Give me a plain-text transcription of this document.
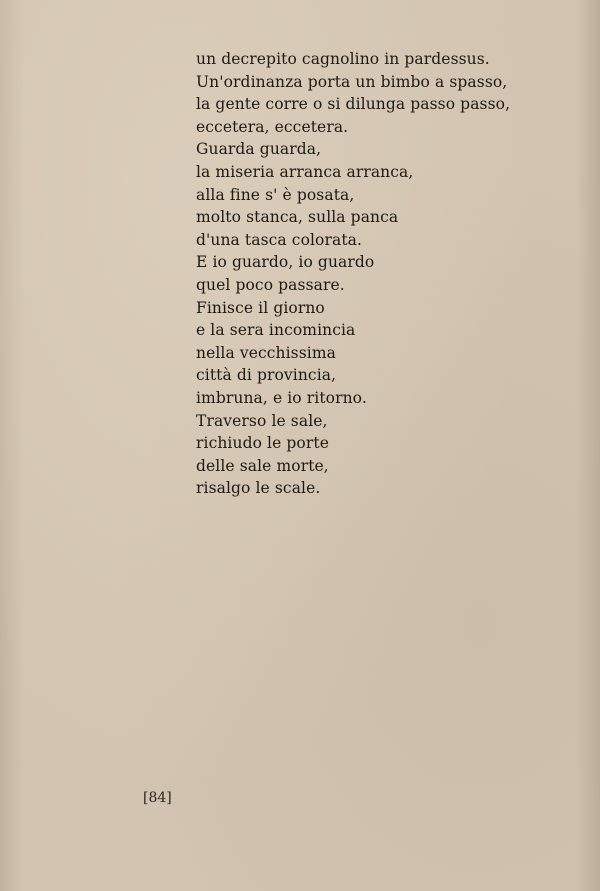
un decrepito cagnolino in pardessus.
Un'ordinanza porta un bimbo a spasso,
la gente corre o si dilunga passo passo,
eccetera, eccetera.
Guarda guarda,
la miseria arranca arranca,
alla fine s' è posata,
molto stanca, sulla panca
d'una tasca colorata.
E io guardo, io guardo
quel poco passare.
Finisce il giorno
e la sera incomincia
nella vecchissima
città di provincia,
imbruna, e io ritorno.
Traverso le sale,
richiudo le porte
delle sale morte,
risalgo le scale.
[84]
